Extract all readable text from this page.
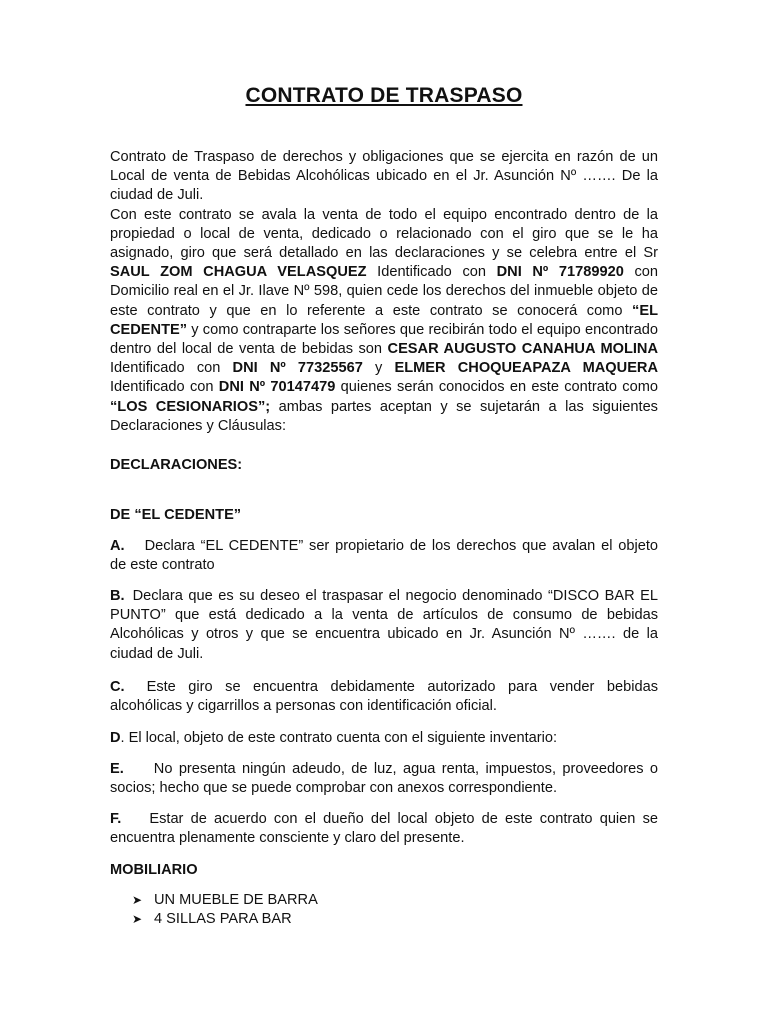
CONTRATO DE TRASPASO

Contrato de Traspaso de derechos y obligaciones que se ejercita en razón de un Local de venta de Bebidas Alcohólicas ubicado en el Jr. Asunción Nº ……. De la ciudad de Juli.

Con este contrato se avala la venta de todo el equipo encontrado dentro de la propiedad o local de venta, dedicado o relacionado con el giro que se le ha asignado, giro que será detallado en las declaraciones y se celebra entre el Sr SAUL ZOM CHAGUA VELASQUEZ Identificado con DNI Nº 71789920 con Domicilio real en el Jr. Ilave Nº 598, quien cede los derechos del inmueble objeto de este contrato y que en lo referente a este contrato se conocerá como “EL CEDENTE” y como contraparte los señores que recibirán todo el equipo encontrado dentro del local de venta de bebidas son CESAR AUGUSTO CANAHUA MOLINA Identificado con DNI Nº 77325567 y ELMER CHOQUEAPAZA MAQUERA Identificado con DNI Nº 70147479 quienes serán conocidos en este contrato como “LOS CESIONARIOS”; ambas partes aceptan y se sujetarán a las siguientes Declaraciones y Cláusulas:

DECLARACIONES:
DE “EL CEDENTE”
A. Declara “EL CEDENTE” ser propietario de los derechos que avalan el objeto de este contrato
B. Declara que es su deseo el traspasar el negocio denominado “DISCO BAR EL PUNTO” que está dedicado a la venta de artículos de consumo de bebidas Alcohólicas y otros y que se encuentra ubicado en Jr. Asunción Nº ……. de la ciudad de Juli.
C. Este giro se encuentra debidamente autorizado para vender bebidas alcohólicas y cigarrillos a personas con identificación oficial.
D. El local, objeto de este contrato cuenta con el siguiente inventario:
E. No presenta ningún adeudo, de luz, agua renta, impuestos, proveedores o socios; hecho que se puede comprobar con anexos correspondiente.
F. Estar de acuerdo con el dueño del local objeto de este contrato quien se encuentra plenamente consciente y claro del presente.
MOBILIARIO
➤ UN MUEBLE DE BARRA
➤ 4 SILLAS PARA BAR
